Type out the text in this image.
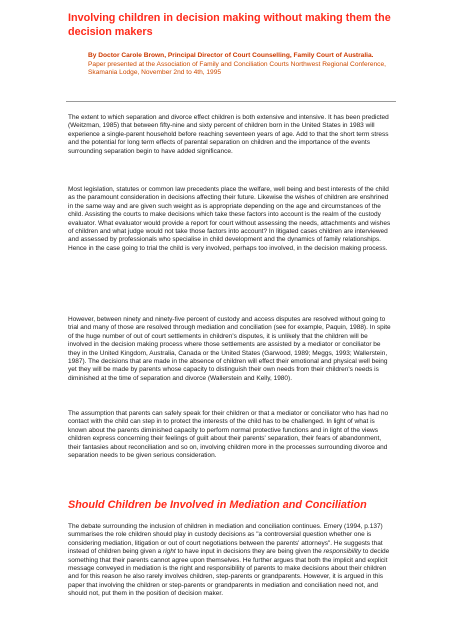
Involving children in decision making without making them the decision makers
By Doctor Carole Brown, Principal Director of Court Counselling, Family Court of Australia. Paper presented at the Association of Family and Conciliation Courts Northwest Regional Conference, Skamania Lodge, November 2nd to 4th, 1995

The extent to which separation and divorce effect children is both extensive and intensive. It has been predicted (Weitzman, 1985) that between fifty-nine and sixty percent of children born in the United States in 1983 will experience a single-parent household before reaching seventeen years of age. Add to that the short term stress and the potential for long term effects of parental separation on children and the importance of the events surrounding separation begin to have added significance.

Most legislation, statutes or common law precedents place the welfare, well being and best interests of the child as the paramount consideration in decisions affecting their future. Likewise the wishes of children are enshrined in the same way and are given such weight as is appropriate depending on the age and circumstances of the child. Assisting the courts to make decisions which take these factors into account is the realm of the custody evaluator. What evaluator would provide a report for court without assessing the needs, attachments and wishes of children and what judge would not take those factors into account? In litigated cases children are interviewed and assessed by professionals who specialise in child development and the dynamics of family relationships. Hence in the case going to trial the child is very involved, perhaps too involved, in the decision making process.

However, between ninety and ninety-five percent of custody and access disputes are resolved without going to trial and many of those are resolved through mediation and conciliation (see for example, Paquin, 1988). In spite of the huge number of out of court settlements in children's disputes, it is unlikely that the children will be involved in the decision making process where those settlements are assisted by a mediator or conciliator be they in the United Kingdom, Australia, Canada or the United States (Garwood, 1989; Meggs, 1993; Wallerstein, 1987). The decisions that are made in the absence of children will effect their emotional and physical well being yet they will be made by parents whose capacity to distinguish their own needs from their children's needs is diminished at the time of separation and divorce (Wallerstein and Kelly, 1980).

The assumption that parents can safely speak for their children or that a mediator or conciliator who has had no contact with the child can step in to protect the interests of the child has to be challenged. In light of what is known about the parents diminished capacity to perform normal protective functions and in light of the views children express concerning their feelings of guilt about their parents' separation, their fears of abandonment, their fantasies about reconciliation and so on, involving children more in the processes surrounding divorce and separation needs to be given serious consideration.

Should Children be Involved in Mediation and Conciliation

The debate surrounding the inclusion of children in mediation and conciliation continues. Emery (1994, p.137) summarises the role children should play in custody decisions as "a controversial question whether one is considering mediation, litigation or out of court negotiations between the parents' attorneys". He suggests that instead of children being given a right to have input in decisions they are being given the responsibility to decide something that their parents cannot agree upon themselves. He further argues that both the implicit and explicit message conveyed in mediation is the right and responsibility of parents to make decisions about their children and for this reason he also rarely involves children, step-parents or grandparents. However, it is argued in this paper that involving the children or step-parents or grandparents in mediation and conciliation need not, and should not, put them in the position of decision maker.
